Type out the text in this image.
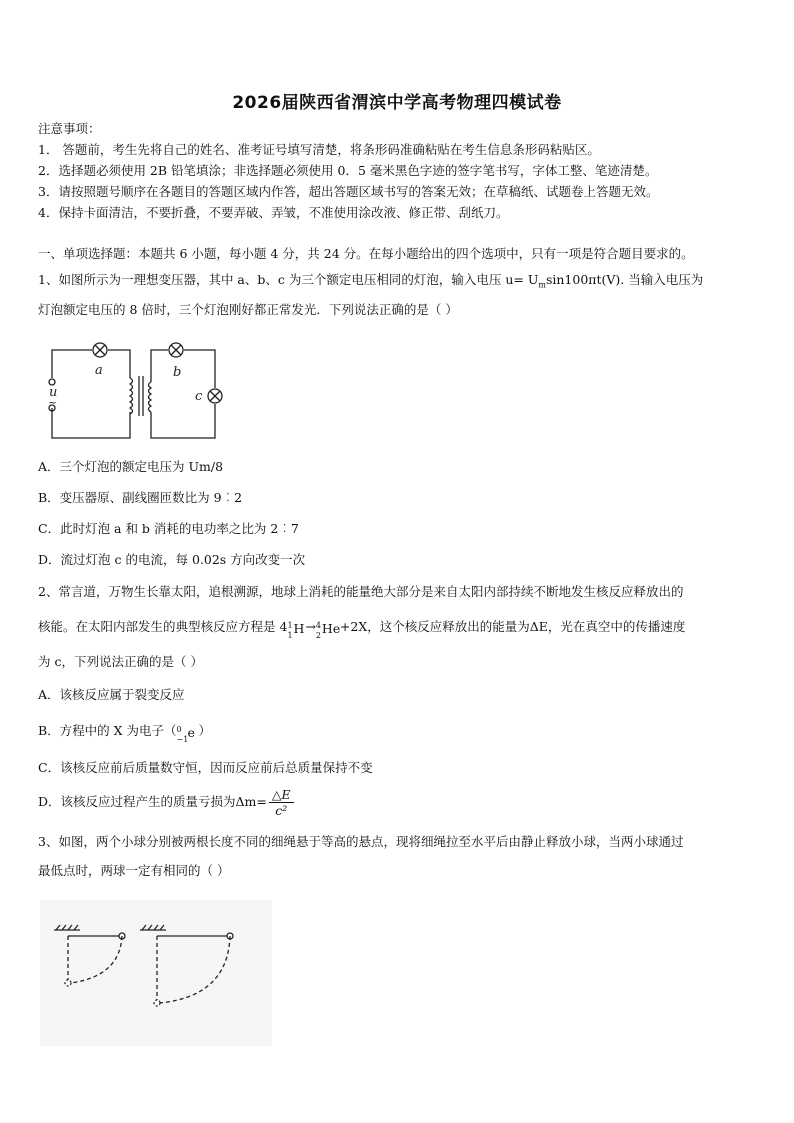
2026届陕西省渭滨中学高考物理四模试卷
注意事项：
1． 答题前，考生先将自己的姓名、准考证号填写清楚，将条形码准确粘贴在考生信息条形码粘贴区。
2．选择题必须使用 2B 铅笔填涂；非选择题必须使用 0．5 毫米黑色字迹的签字笔书写，字体工整、笔迹清楚。
3．请按照题号顺序在各题目的答题区域内作答，超出答题区域书写的答案无效；在草稿纸、试题卷上答题无效。
4．保持卡面清洁，不要折叠，不要弄破、弄皱，不准使用涂改液、修正带、刮纸刀。
一、单项选择题：本题共 6 小题，每小题 4 分，共 24 分。在每小题给出的四个选项中，只有一项是符合题目要求的。
1、如图所示为一理想变压器，其中 a、b、c 为三个额定电压相同的灯泡，输入电压 $u= U_m\sin 100\pi t(V)$. 当输入电压为
灯泡额定电压的 8 倍时，三个灯泡刚好都正常发光．下列说法正确的是（ ）
a	b
c
u
~
A．三个灯泡的额定电压为 Um/8
B．变压器原、副线圈匝数比为 9︰2
C．此时灯泡 a 和 b 消耗的电功率之比为 2︰7
D．流过灯泡 c 的电流，每 0.02s 方向改变一次
2、常言道，万物生长靠太阳，追根溯源，地球上消耗的能量绝大部分是来自太阳内部持续不断地发生核反应释放出的
核能。在太阳内部发生的典型核反应方程是 4 1
1 H → 4
2 He +2X，这个核反应释放出的能量为ΔE，光在真空中的传播速度
为 c，下列说法正确的是（ ）
A．该核反应属于裂变反应
B．方程中的 X 为电子（ 0
−1 e ）
C．该核反应前后质量数守恒，因而反应前后总质量保持不变
D．该核反应过程产生的质量亏损为$\Delta m= \frac{\triangle E}{\text{c²}}$
3、如图，两个小球分别被两根长度不同的细绳悬于等高的悬点，现将细绳拉至水平后由静止释放小球，当两小球通过
最低点时，两球一定有相同的（ ）
